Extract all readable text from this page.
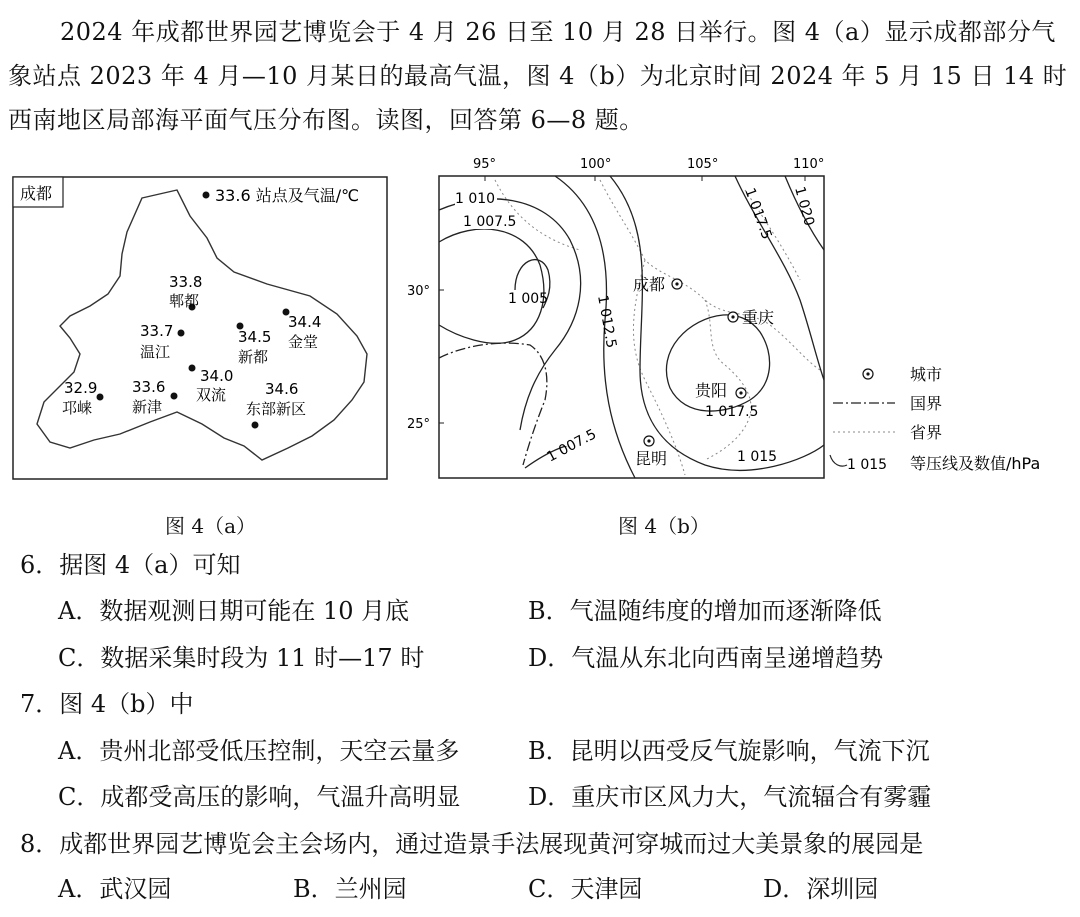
2024 年成都世界园艺博览会于 4 月 26 日至 10 月 28 日举行。图 4（a）显示成都部分气象站点 2023 年 4 月—10 月某日的最高气温，图 4（b）为北京时间 2024 年 5 月 15 日 14 时西南地区局部海平面气压分布图。读图，回答第 6—8 题。

成都	33.6 站点及气温/℃
33.8
郫都
33.7
温江
34.5
新都
34.4
金堂
34.0
双流
33.6
新津
32.9
邛崃
34.6
东部新区
95°	100°	105°	110°
30°
25°
1 010
1 007.5
1 005	1 012.5
1 017.5 1 020
1 017.5
1 007.5	1 015
成都
重庆
贵阳
昆明
城市
国界
省界
1 015 等压线及数值/hPa
图 4（a）	图 4（b）
6．据图 4（a）可知
A．数据观测日期可能在 10 月底	B．气温随纬度的增加而逐渐降低
C．数据采集时段为 11 时—17 时	D．气温从东北向西南呈递增趋势
7．图 4（b）中
A．贵州北部受低压控制，天空云量多	B．昆明以西受反气旋影响，气流下沉
C．成都受高压的影响，气温升高明显	D．重庆市区风力大，气流辐合有雾霾
8．成都世界园艺博览会主会场内，通过造景手法展现黄河穿城而过大美景象的展园是
A．武汉园	B．兰州园	C．天津园	D．深圳园
